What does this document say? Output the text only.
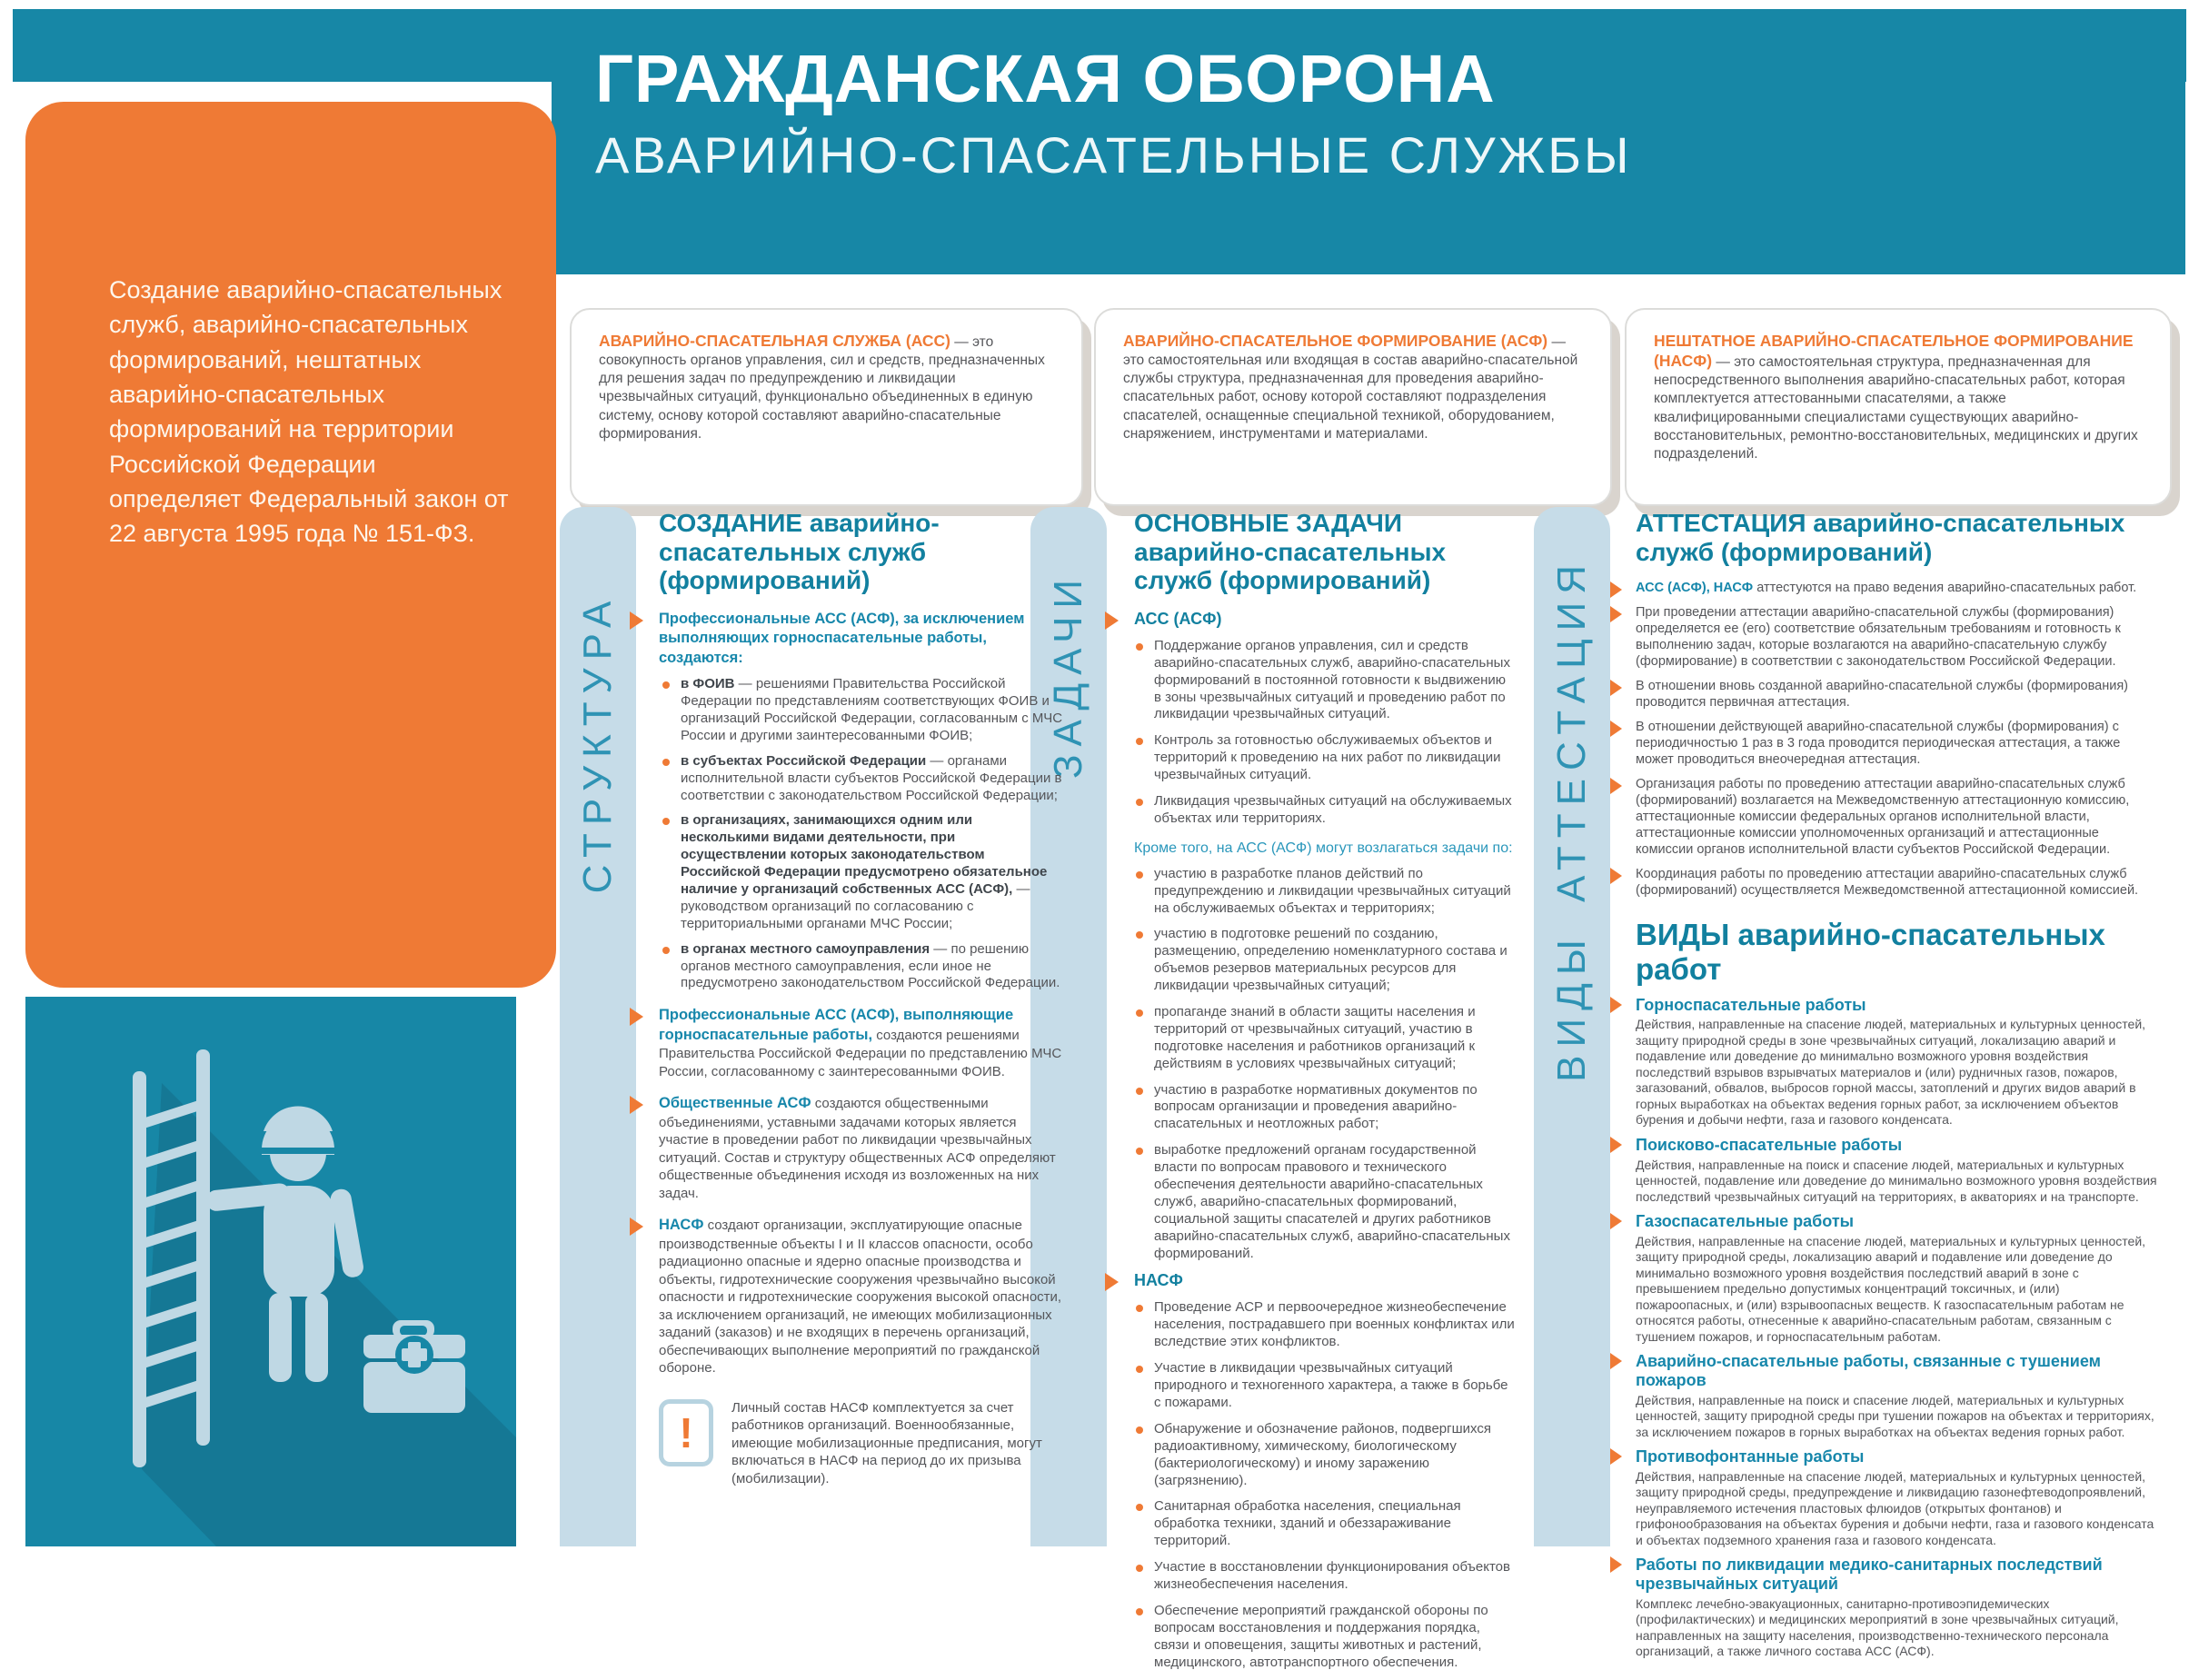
ГРАЖДАНСКАЯ ОБОРОНА
АВАРИЙНО-СПАСАТЕЛЬНЫЕ СЛУЖБЫ
Создание аварийно-спасательных служб, аварийно-спасательных формирований, нештатных аварийно-спасательных формирований на территории Российской Федерации определяет Федеральный закон от 22 августа 1995 года № 151-ФЗ.
АВАРИЙНО-СПАСАТЕЛЬНАЯ СЛУЖБА (АСС) — это совокупность органов управления, сил и средств, предназначенных для решения задач по предупреждению и ликвидации чрезвычайных ситуаций, функционально объединенных в единую систему, основу которой составляют аварийно-спасательные формирования.
АВАРИЙНО-СПАСАТЕЛЬНОЕ ФОРМИРОВАНИЕ (АСФ) — это самостоятельная или входящая в состав аварийно-спасательной службы структура, предназначенная для проведения аварийно-спасательных работ, основу которой составляют подразделения спасателей, оснащенные специальной техникой, оборудованием, снаряжением, инструментами и материалами.
НЕШТАТНОЕ АВАРИЙНО-СПАСАТЕЛЬНОЕ ФОРМИРОВАНИЕ (НАСФ) — это самостоятельная структура, предназначенная для непосредственного выполнения аварийно-спасательных работ, которая комплектуется аттестованными спасателями, а также квалифицированными специалистами существующих аварийно-восстановительных, ремонтно-восстановительных, медицинских и других подразделений.
СТРУКТУРА	ЗАДАЧИ	АТТЕСТАЦИЯ
ВИДЫ
СОЗДАНИЕ аварийно-спасательных служб (формирований)

Профессиональные АСС (АСФ), за исключением выполняющих горноспасательные работы, создаются:

в ФОИВ — решениями Правительства Российской Федерации по представлениям соответствующих ФОИВ и организаций Российской Федерации, согласованным с МЧС России и другими заинтересованными ФОИВ;
в субъектах Российской Федерации — органами исполнительной власти субъектов Российской Федерации в соответствии с законодательством Российской Федерации;
в организациях, занимающихся одним или несколькими видами деятельности, при осуществлении которых законодательством Российской Федерации предусмотрено обязательное наличие у организаций собственных АСС (АСФ), — руководством организаций по согласованию с территориальными органами МЧС России;
в органах местного самоуправления — по решению органов местного самоуправления, если иное не предусмотрено законодательством Российской Федерации.

Профессиональные АСС (АСФ), выполняющие горноспасательные работы, создаются решениями Правительства Российской Федерации по представлению МЧС России, согласованному с заинтересованными ФОИВ.

Общественные АСФ создаются общественными объединениями, уставными задачами которых является участие в проведении работ по ликвидации чрезвычайных ситуаций. Состав и структуру общественных АСФ определяют общественные объединения исходя из возложенных на них задач.

НАСФ создают организации, эксплуатирующие опасные производственные объекты I и II классов опасности, особо радиационно опасные и ядерно опасные производства и объекты, гидротехнические сооружения чрезвычайно высокой опасности и гидротехнические сооружения высокой опасности, за исключением организаций, не имеющих мобилизационных заданий (заказов) и не входящих в перечень организаций, обеспечивающих выполнение мероприятий по гражданской обороне.

!
Личный состав НАСФ комплектуется за счет работников организаций. Военнообязанные, имеющие мобилизационные предписания, могут включаться в НАСФ на период до их призыва (мобилизации).
ОСНОВНЫЕ ЗАДАЧИ аварийно-спасательных служб (формирований)
АСС (АСФ)
Поддержание органов управления, сил и средств аварийно-спасательных служб, аварийно-спасательных формирований в постоянной готовности к выдвижению в зоны чрезвычайных ситуаций и проведению работ по ликвидации чрезвычайных ситуаций.
Контроль за готовностью обслуживаемых объектов и территорий к проведению на них работ по ликвидации чрезвычайных ситуаций.
Ликвидация чрезвычайных ситуаций на обслуживаемых объектах или территориях.

Кроме того, на АСС (АСФ) могут возлагаться задачи по:

участию в разработке планов действий по предупреждению и ликвидации чрезвычайных ситуаций на обслуживаемых объектах и территориях;
участию в подготовке решений по созданию, размещению, определению номенклатурного состава и объемов резервов материальных ресурсов для ликвидации чрезвычайных ситуаций;
пропаганде знаний в области защиты населения и территорий от чрезвычайных ситуаций, участию в подготовке населения и работников организаций к действиям в условиях чрезвычайных ситуаций;
участию в разработке нормативных документов по вопросам организации и проведения аварийно-спасательных и неотложных работ;
выработке предложений органам государственной власти по вопросам правового и технического обеспечения деятельности аварийно-спасательных служб, аварийно-спасательных формирований, социальной защиты спасателей и других работников аварийно-спасательных служб, аварийно-спасательных формирований.
НАСФ
Проведение АСР и первоочередное жизнеобеспечение населения, пострадавшего при военных конфликтах или вследствие этих конфликтов.
Участие в ликвидации чрезвычайных ситуаций природного и техногенного характера, а также в борьбе с пожарами.
Обнаружение и обозначение районов, подвергшихся радиоактивному, химическому, биологическому (бактериологическому) и иному заражению (загрязнению).
Санитарная обработка населения, специальная обработка техники, зданий и обеззараживание территорий.
Участие в восстановлении функционирования объектов жизнеобеспечения населения.
Обеспечение мероприятий гражданской обороны по вопросам восстановления и поддержания порядка, связи и оповещения, защиты животных и растений, медицинского, автотранспортного обеспечения.
АТТЕСТАЦИЯ аварийно-спасательных служб (формирований)
АСС (АСФ), НАСФ аттестуются на право ведения аварийно-спасательных работ.
При проведении аттестации аварийно-спасательной службы (формирования) определяется ее (его) соответствие обязательным требованиям и готовность к выполнению задач, которые возлагаются на аварийно-спасательную службу (формирование) в соответствии с законодательством Российской Федерации.
В отношении вновь созданной аварийно-спасательной службы (формирования) проводится первичная аттестация.
В отношении действующей аварийно-спасательной службы (формирования) с периодичностью 1 раз в 3 года проводится периодическая аттестация, а также может проводиться внеочередная аттестация.
Организация работы по проведению аттестации аварийно-спасательных служб (формирований) возлагается на Межведомственную аттестационную комиссию, аттестационные комиссии федеральных органов исполнительной власти, аттестационные комиссии уполномоченных организаций и аттестационные комиссии органов исполнительной власти субъектов Российской Федерации.
Координация работы по проведению аттестации аварийно-спасательных служб (формирований) осуществляется Межведомственной аттестационной комиссией.
ВИДЫ аварийно-спасательных работ
Горноспасательные работы
Действия, направленные на спасение людей, материальных и культурных ценностей, защиту природной среды в зоне чрезвычайных ситуаций, локализацию аварий и подавление или доведение до минимально возможного уровня воздействия последствий взрывов взрывчатых материалов и (или) рудничных газов, пожаров, загазований, обвалов, выбросов горной массы, затоплений и других видов аварий в горных выработках на объектах ведения горных работ, за исключением объектов бурения и добычи нефти, газа и газового конденсата.
Поисково-спасательные работы
Действия, направленные на поиск и спасение людей, материальных и культурных ценностей, подавление или доведение до минимально возможного уровня воздействия последствий чрезвычайных ситуаций на территориях, в акваториях и на транспорте.
Газоспасательные работы
Действия, направленные на спасение людей, материальных и культурных ценностей, защиту природной среды, локализацию аварий и подавление или доведение до минимально возможного уровня воздействия последствий аварий в зоне с превышением предельно допустимых концентраций токсичных, и (или) пожароопасных, и (или) взрывоопасных веществ. К газоспасательным работам не относятся работы, отнесенные к аварийно-спасательным работам, связанным с тушением пожаров, и горноспасательным работам.
Аварийно-спасательные работы, связанные с тушением пожаров
Действия, направленные на поиск и спасение людей, материальных и культурных ценностей, защиту природной среды при тушении пожаров на объектах и территориях, за исключением пожаров в горных выработках на объектах ведения горных работ.
Противофонтанные работы
Действия, направленные на спасение людей, материальных и культурных ценностей, защиту природной среды, предупреждение и ликвидацию газонефтеводопроявлений, неуправляемого истечения пластовых флюидов (открытых фонтанов) и грифонообразования на объектах бурения и добычи нефти, газа и газового конденсата и объектах подземного хранения газа и газового конденсата.
Работы по ликвидации медико-санитарных последствий чрезвычайных ситуаций
Комплекс лечебно-эвакуационных, санитарно-противоэпидемических (профилактических) и медицинских мероприятий в зоне чрезвычайных ситуаций, направленных на защиту населения, производственно-технического персонала организаций, а также личного состава АСС (АСФ).
